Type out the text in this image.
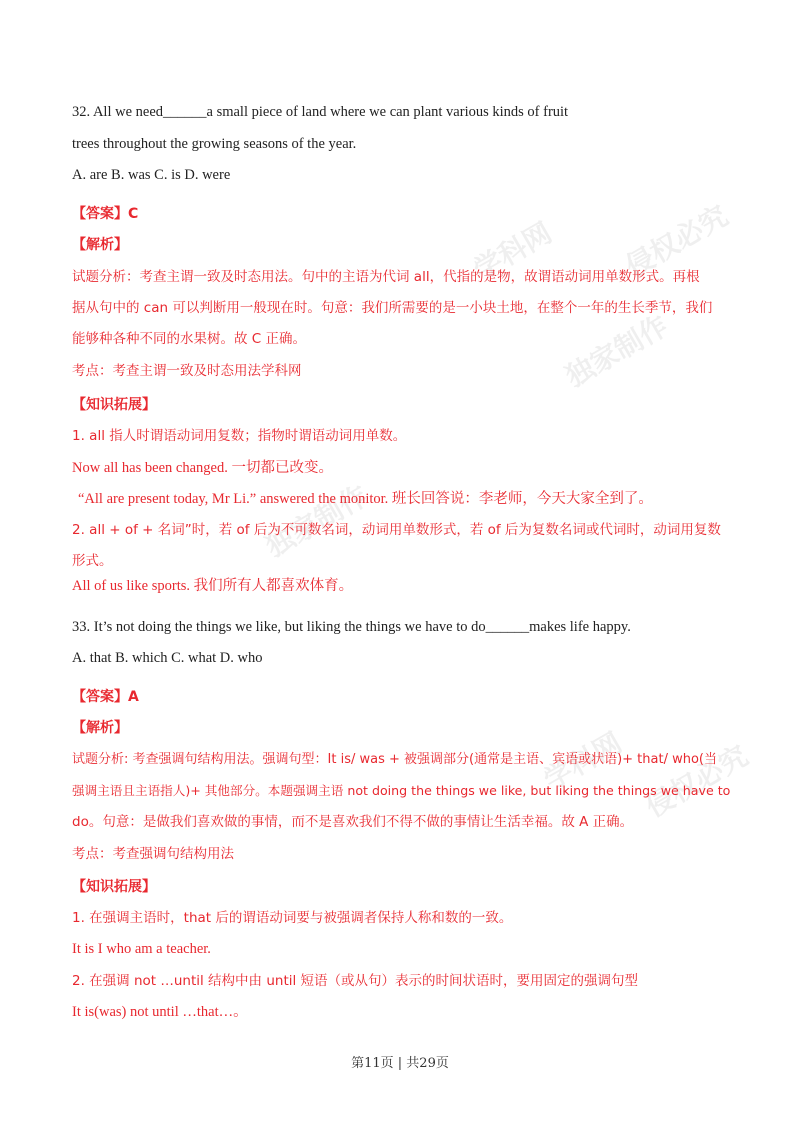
学科网 侵权必究
独家制作
学科网 侵权必究
独家制作
32. All we need______a small piece of land where we can plant various kinds of fruit
trees throughout the growing seasons of the year.
A. are B. was C. is D. were
【答案】C
【解析】
试题分析：考查主谓一致及时态用法。句中的主语为代词 all，代指的是物，故谓语动词用单数形式。再根
据从句中的 can 可以判断用一般现在时。句意：我们所需要的是一小块土地，在整个一年的生长季节，我们
能够种各种不同的水果树。故 C 正确。
考点：考查主谓一致及时态用法学科网
【知识拓展】
1. all 指人时谓语动词用复数；指物时谓语动词用单数。
Now all has been changed. 一切都已改变。
“All are present today, Mr Li.” answered the monitor. 班长回答说：李老师，今天大家全到了。
2. all + of + 名词”时，若 of 后为不可数名词，动词用单数形式，若 of 后为复数名词或代词时，动词用复数
形式。
All of us like sports. 我们所有人都喜欢体育。
33. It’s not doing the things we like, but liking the things we have to do______makes life happy.
A. that B. which C. what D. who
【答案】A
【解析】
试题分析: 考查强调句结构用法。强调句型：It is/ was + 被强调部分(通常是主语、宾语或状语)+ that/ who(当
强调主语且主语指人)+ 其他部分。本题强调主语 not doing the things we like, but liking the things we have to
do。句意：是做我们喜欢做的事情，而不是喜欢我们不得不做的事情让生活幸福。故 A 正确。
考点：考查强调句结构用法
【知识拓展】
1. 在强调主语时，that 后的谓语动词要与被强调者保持人称和数的一致。
It is I who am a teacher.
2. 在强调 not …until 结构中由 until 短语（或从句）表示的时间状语时，要用固定的强调句型
It is(was) not until …that…。
第11页 | 共29页
